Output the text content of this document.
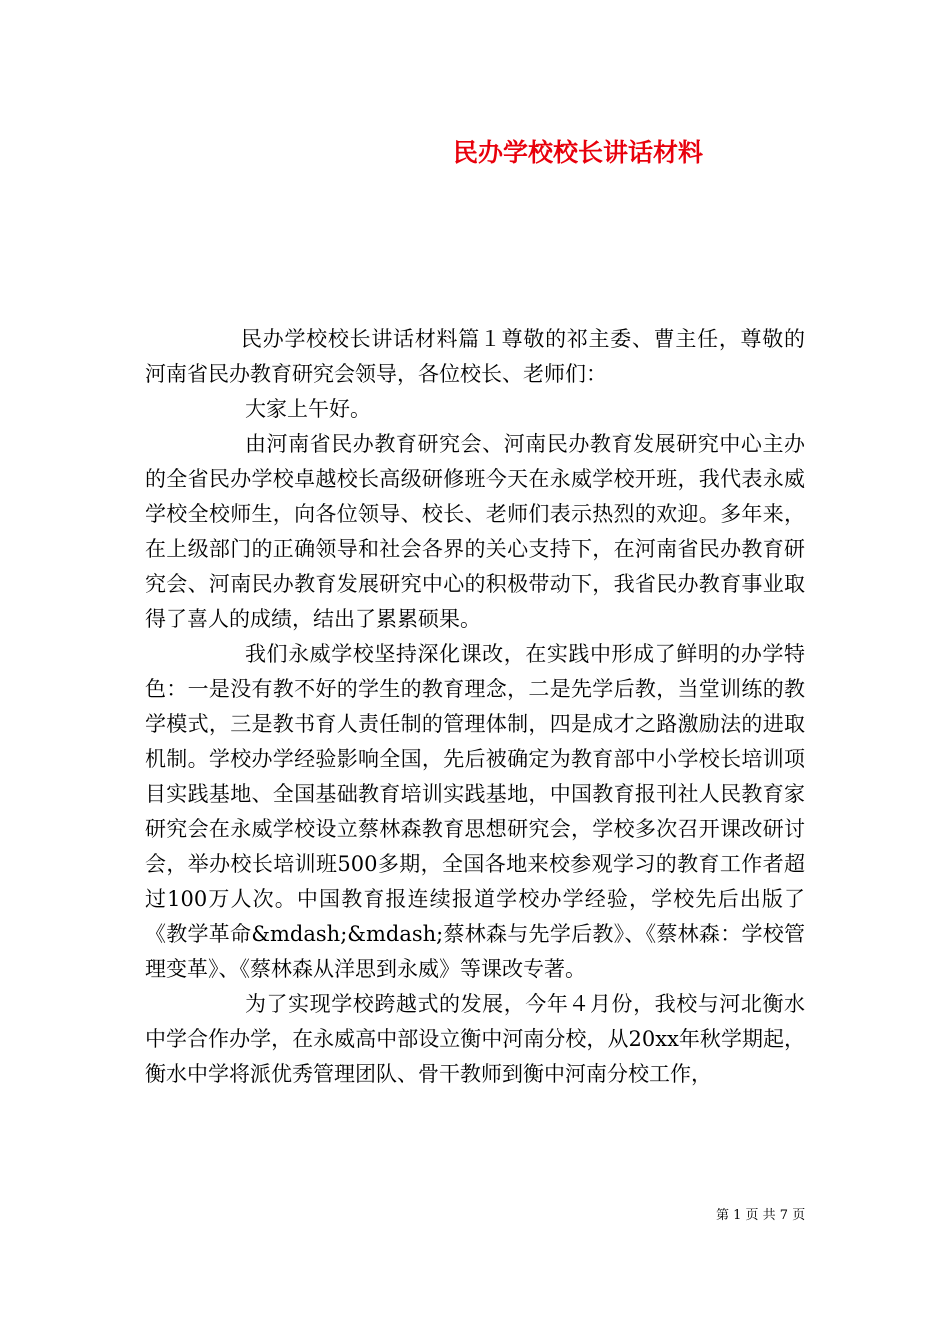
民办学校校长讲话材料

民办学校校长讲话材料篇１尊敬的祁主委、曹主任，尊敬的河南省民办教育研究会领导，各位校长、老师们：

大家上午好。

由河南省民办教育研究会、河南民办教育发展研究中心主办的全省民办学校卓越校长高级研修班今天在永威学校开班，我代表永威学校全校师生，向各位领导、校长、老师们表示热烈的欢迎。多年来，在上级部门的正确领导和社会各界的关心支持下，在河南省民办教育研究会、河南民办教育发展研究中心的积极带动下，我省民办教育事业取得了喜人的成绩，结出了累累硕果。

我们永威学校坚持深化课改，在实践中形成了鲜明的办学特色：一是没有教不好的学生的教育理念，二是先学后教，当堂训练的教学模式，三是教书育人责任制的管理体制，四是成才之路激励法的进取机制。学校办学经验影响全国，先后被确定为教育部中小学校长培训项目实践基地、全国基础教育培训实践基地，中国教育报刊社人民教育家研究会在永威学校设立蔡林森教育思想研究会，学校多次召开课改研讨会，举办校长培训班500多期，全国各地来校参观学习的教育工作者超过100万人次。中国教育报连续报道学校办学经验，学校先后出版了《教学革命&mdash;&mdash;蔡林森与先学后教》、《蔡林森：学校管理变革》、《蔡林森从洋思到永威》等课改专著。

为了实现学校跨越式的发展，今年４月份，我校与河北衡水中学合作办学，在永威高中部设立衡中河南分校，从20xx年秋学期起，衡水中学将派优秀管理团队、骨干教师到衡中河南分校工作，

第 1 页 共 7 页
